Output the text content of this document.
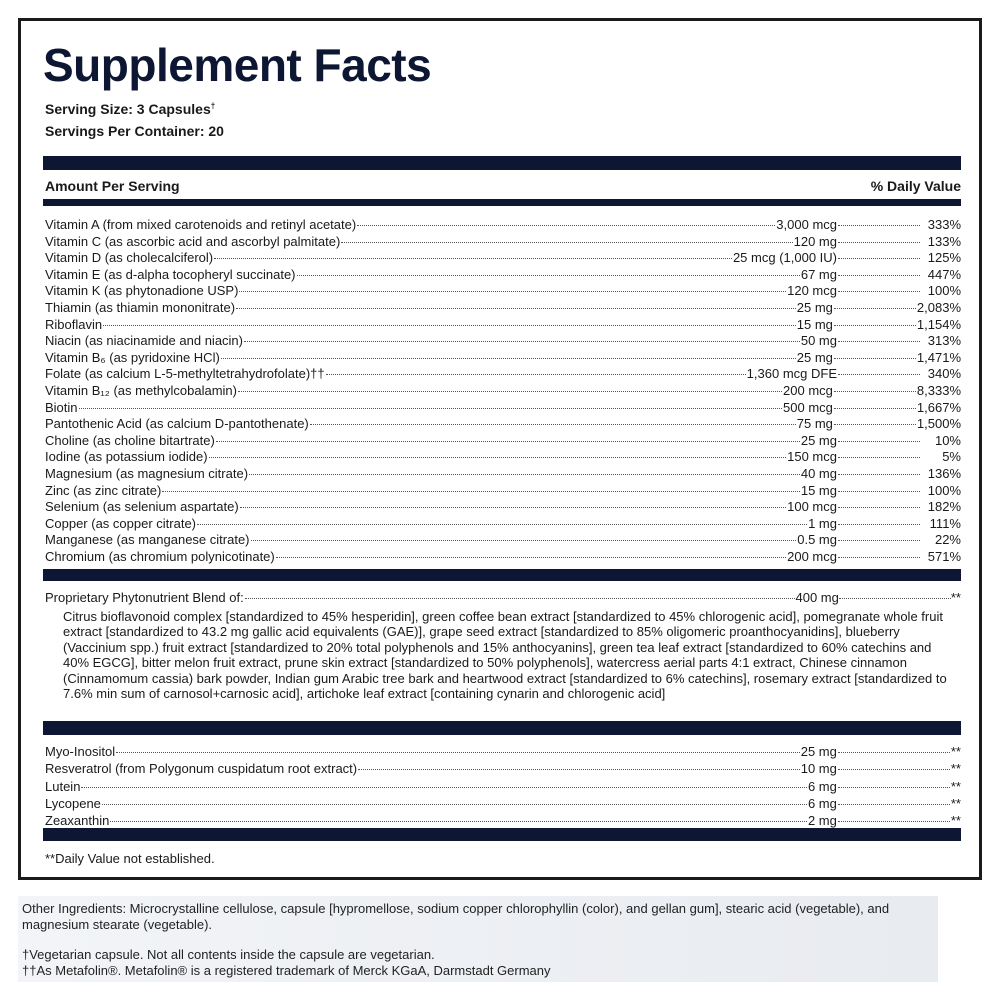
Supplement Facts
Serving Size: 3 Capsules†
Servings Per Container: 20
Amount Per Serving	% Daily Value
Vitamin A (from mixed carotenoids and retinyl acetate)	3,000 mcg	333%
Vitamin C (as ascorbic acid and ascorbyl palmitate)	120 mg	133%
Vitamin D (as cholecalciferol)	25 mcg (1,000 IU)	125%
Vitamin E (as d-alpha tocopheryl succinate)	67 mg	447%
Vitamin K (as phytonadione USP)	120 mcg	100%
Thiamin (as thiamin mononitrate)	25 mg	2,083%
Riboflavin	15 mg	1,154%
Niacin (as niacinamide and niacin)	50 mg	313%
Vitamin B₆ (as pyridoxine HCl)	25 mg	1,471%
Folate (as calcium L-5-methyltetrahydrofolate)††	1,360 mcg DFE	340%
Vitamin B₁₂ (as methylcobalamin)	200 mcg	8,333%
Biotin	500 mcg	1,667%
Pantothenic Acid (as calcium D-pantothenate)	75 mg	1,500%
Choline (as choline bitartrate)	25 mg	10%
Iodine (as potassium iodide)	150 mcg	5%
Magnesium (as magnesium citrate)	40 mg	136%
Zinc (as zinc citrate)	15 mg	100%
Selenium (as selenium aspartate)	100 mcg	182%
Copper (as copper citrate)	1 mg	111%
Manganese (as manganese citrate)	0.5 mg	22%
Chromium (as chromium polynicotinate)	200 mcg	571%
Proprietary Phytonutrient Blend of:	400 mg	**
Citrus bioflavonoid complex [standardized to 45% hesperidin], green coffee bean extract [standardized to 45% chlorogenic acid], pomegranate whole fruit extract [standardized to 43.2 mg gallic acid equivalents (GAE)], grape seed extract [standardized to 85% oligomeric proanthocyanidins], blueberry (Vaccinium spp.) fruit extract [standardized to 20% total polyphenols and 15% anthocyanins], green tea leaf extract [standardized to 60% catechins and 40% EGCG], bitter melon fruit extract, prune skin extract [standardized to 50% polyphenols], watercress aerial parts 4:1 extract, Chinese cinnamon (Cinnamomum cassia) bark powder, Indian gum Arabic tree bark and heartwood extract [standardized to 6% catechins], rosemary extract [standardized to 7.6% min sum of carnosol+carnosic acid], artichoke leaf extract [containing cynarin and chlorogenic acid]
Myo-Inositol	25 mg	**
Resveratrol (from Polygonum cuspidatum root extract)	10 mg	**
Lutein	6 mg	**
Lycopene	6 mg	**
Zeaxanthin	2 mg	**
**Daily Value not established.

Other Ingredients: Microcrystalline cellulose, capsule [hypromellose, sodium copper chlorophyllin (color), and gellan gum], stearic acid (vegetable), and magnesium stearate (vegetable).

†Vegetarian capsule. Not all contents inside the capsule are vegetarian.

††As Metafolin®. Metafolin® is a registered trademark of Merck KGaA, Darmstadt Germany
